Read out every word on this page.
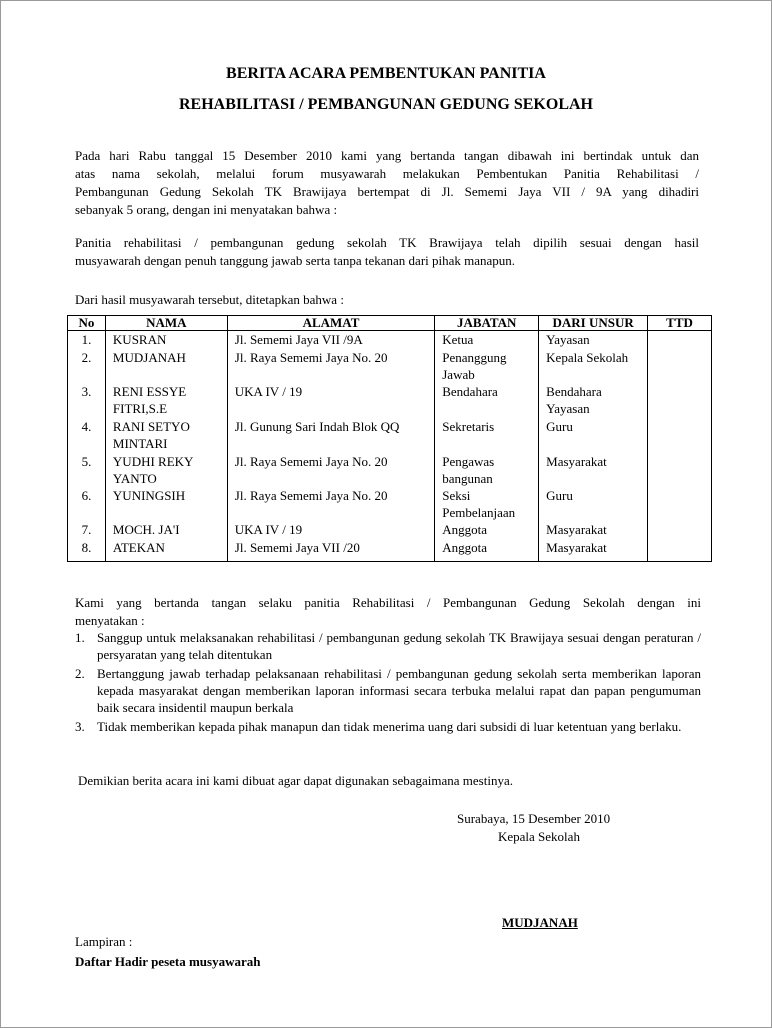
BERITA ACARA PEMBENTUKAN PANITIA
REHABILITASI / PEMBANGUNAN GEDUNG SEKOLAH
Pada hari Rabu tanggal 15 Desember 2010 kami yang bertanda tangan dibawah ini bertindak untuk dan
atas nama sekolah, melalui forum musyawarah melakukan Pembentukan Panitia Rehabilitasi /
Pembangunan Gedung Sekolah TK Brawijaya bertempat di Jl. Sememi Jaya VII / 9A yang dihadiri
sebanyak 5 orang, dengan ini menyatakan bahwa :
Panitia rehabilitasi / pembangunan gedung sekolah TK Brawijaya telah dipilih sesuai dengan hasil
musyawarah dengan penuh tanggung jawab serta tanpa tekanan dari pihak manapun.
Dari hasil musyawarah tersebut, ditetapkan bahwa :
No	NAMA	ALAMAT	JABATAN	DARI UNSUR	TTD
1.	KUSRAN	Jl. Sememi Jaya VII /9A	Ketua	Yayasan	
2.	MUDJANAH	Jl. Raya Sememi Jaya No. 20	Penanggung Jawab	Kepala Sekolah	
3.	RENI ESSYE FITRI,S.E	UKA IV / 19	Bendahara	Bendahara Yayasan	
4.	RANI SETYO MINTARI	Jl. Gunung Sari Indah Blok QQ	Sekretaris	Guru	
5.	YUDHI REKY YANTO	Jl. Raya Sememi Jaya No. 20	Pengawas bangunan	Masyarakat	
6.	YUNINGSIH	Jl. Raya Sememi Jaya No. 20	Seksi Pembelanjaan	Guru	
7.	MOCH. JA'I	UKA IV / 19	Anggota	Masyarakat	
8.	ATEKAN	Jl. Sememi Jaya VII /20	Anggota	Masyarakat	
Kami yang bertanda tangan selaku panitia Rehabilitasi / Pembangunan Gedung Sekolah dengan ini
menyatakan :
1. Sanggup untuk melaksanakan rehabilitasi / pembangunan gedung sekolah TK Brawijaya sesuai dengan peraturan / persyaratan yang telah ditentukan
2. Bertanggung jawab terhadap pelaksanaan rehabilitasi / pembangunan gedung sekolah serta memberikan laporan kepada masyarakat dengan memberikan laporan informasi secara terbuka melalui rapat dan papan pengumuman baik secara insidentil maupun berkala
3. Tidak memberikan kepada pihak manapun dan tidak menerima uang dari subsidi di luar ketentuan yang berlaku.
Demikian berita acara ini kami dibuat agar dapat digunakan sebagaimana mestinya.
Surabaya, 15 Desember 2010
Kepala Sekolah
MUDJANAH
Lampiran :
Daftar Hadir peseta musyawarah
